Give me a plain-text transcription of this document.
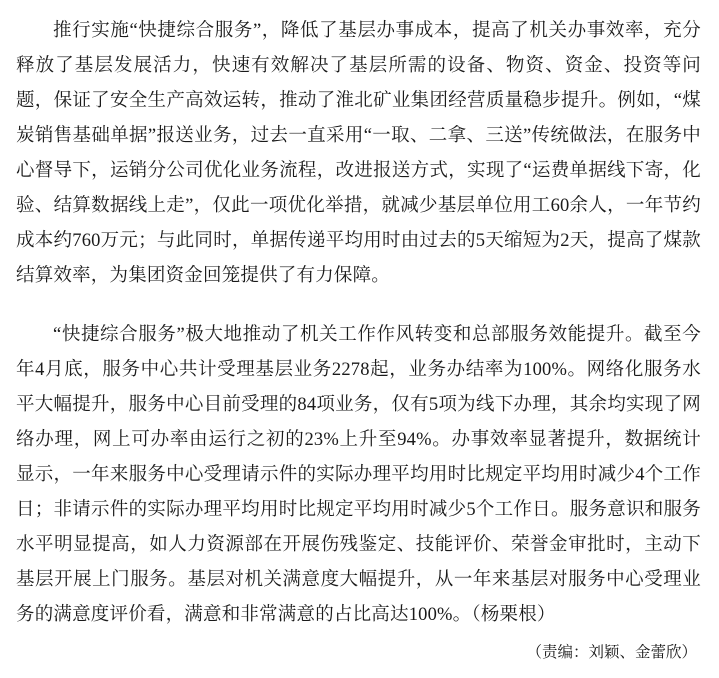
推行实施“快捷综合服务”，降低了基层办事成本，提高了机关办事效率，充分释放了基层发展活力，快速有效解决了基层所需的设备、物资、资金、投资等问题，保证了安全生产高效运转，推动了淮北矿业集团经营质量稳步提升。例如，“煤炭销售基础单据”报送业务，过去一直采用“一取、二拿、三送”传统做法，在服务中心督导下，运销分公司优化业务流程，改进报送方式，实现了“运费单据线下寄，化验、结算数据线上走”，仅此一项优化举措，就减少基层单位用工60余人，一年节约成本约760万元；与此同时，单据传递平均用时由过去的5天缩短为2天，提高了煤款结算效率，为集团资金回笼提供了有力保障。

“快捷综合服务”极大地推动了机关工作作风转变和总部服务效能提升。截至今年4月底，服务中心共计受理基层业务2278起，业务办结率为100%。网络化服务水平大幅提升，服务中心目前受理的84项业务，仅有5项为线下办理，其余均实现了网络办理，网上可办率由运行之初的23%上升至94%。办事效率显著提升，数据统计显示，一年来服务中心受理请示件的实际办理平均用时比规定平均用时减少4个工作日；非请示件的实际办理平均用时比规定平均用时减少5个工作日。服务意识和服务水平明显提高，如人力资源部在开展伤残鉴定、技能评价、荣誉金审批时，主动下基层开展上门服务。基层对机关满意度大幅提升，从一年来基层对服务中心受理业务的满意度评价看，满意和非常满意的占比高达100%。（杨栗根）

（责编：刘颖、金蕾欣）
